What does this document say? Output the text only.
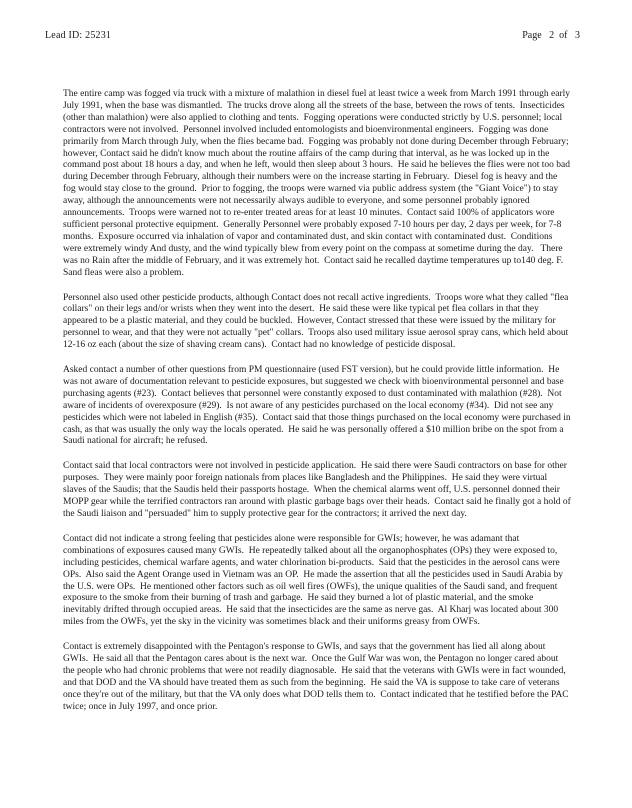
Lead ID: 25231	Page   2  of   3

The entire camp was fogged via truck with a mixture of malathion in diesel fuel at least twice a week from March 1991 through early July 1991, when the base was dismantled.  The trucks drove along all the streets of the base, between the rows of tents.  Insecticides (other than malathion) were also applied to clothing and tents.  Fogging operations were conducted strictly by U.S. personnel; local contractors were not involved.  Personnel involved included entomologists and bioenvironmental engineers.  Fogging was done primarily from March through July, when the flies became bad.  Fogging was probably not done during December through February; however, Contact said he didn't know much about the routine affairs of the camp during that interval, as he was locked up in the command post about 18 hours a day, and when he left, would then sleep about 3 hours.  He said he believes the flies were not too bad during December through February, although their numbers were on the increase starting in February.  Diesel fog is heavy and the fog would stay close to the ground.  Prior to fogging, the troops were warned via public address system (the "Giant Voice") to stay away, although the announcements were not necessarily always audible to everyone, and some personnel probably ignored announcements.  Troops were warned not to re-enter treated areas for at least 10 minutes.  Contact said 100% of applicators wore sufficient personal protective equipment.  Generally Personnel were probably exposed 7-10 hours per day, 2 days per week, for 7-8 months.  Exposure occurred via inhalation of vapor and contaminated dust, and skin contact with contaminated dust.  Conditions were extremely windy And dusty, and the wind typically blew from every point on the compass at sometime during the day.   There was no Rain after the middle of February, and it was extremely hot.  Contact said he recalled daytime temperatures up to140 deg. F.  Sand fleas were also a problem.

Personnel also used other pesticide products, although Contact does not recall active ingredients.  Troops wore what they called "flea collars" on their legs and/or wrists when they went into the desert.  He said these were like typical pet flea collars in that they appeared to be a plastic material, and they could be buckled.  However, Contact stressed that these were issued by the military for personnel to wear, and that they were not actually "pet" collars.  Troops also used military issue aerosol spray cans, which held about 12-16 oz each (about the size of shaving cream cans).  Contact had no knowledge of pesticide disposal.

Asked contact a number of other questions from PM questionnaire (used FST version), but he could provide little information.  He was not aware of documentation relevant to pesticide exposures, but suggested we check with bioenvironmental personnel and base purchasing agents (#23).  Contact believes that personnel were constantly exposed to dust contaminated with malathion (#28).  Not aware of incidents of overexposure (#29).  Is not aware of any pesticides purchased on the local economy (#34).  Did not see any pesticides which were not labeled in English (#35).  Contact said that those things purchased on the local economy were purchased in cash, as that was usually the only way the locals operated.  He said he was personally offered a $10 million bribe on the spot from a Saudi national for aircraft; he refused.

Contact said that local contractors were not involved in pesticide application.  He said there were Saudi contractors on base for other purposes.  They were mainly poor foreign nationals from places like Bangladesh and the Philippines.  He said they were virtual slaves of the Saudis; that the Saudis held their passports hostage.  When the chemical alarms went off, U.S. personnel donned their MOPP gear while the terrified contractors ran around with plastic garbage bags over their heads.  Contact said he finally got a hold of the Saudi liaison and "persuaded" him to supply protective gear for the contractors; it arrived the next day.

Contact did not indicate a strong feeling that pesticides alone were responsible for GWIs; however, he was adamant that combinations of exposures caused many GWIs.  He repeatedly talked about all the organophosphates (OPs) they were exposed to, including pesticides, chemical warfare agents, and water chlorination bi-products.  Said that the pesticides in the aerosol cans were OPs.  Also said the Agent Orange used in Vietnam was an OP.  He made the assertion that all the pesticides used in Saudi Arabia by the U.S. were OPs.  He mentioned other factors such as oil well fires (OWFs), the unique qualities of the Saudi sand, and frequent exposure to the smoke from their burning of trash and garbage.  He said they burned a lot of plastic material, and the smoke inevitably drifted through occupied areas.  He said that the insecticides are the same as nerve gas.  Al Kharj was located about 300 miles from the OWFs, yet the sky in the vicinity was sometimes black and their uniforms greasy from OWFs.

Contact is extremely disappointed with the Pentagon's response to GWIs, and says that the government has lied all along about GWIs.  He said all that the Pentagon cares about is the next war.  Once the Gulf War was won, the Pentagon no longer cared about the people who had chronic problems that were not readily diagnosable.  He said that the veterans with GWIs were in fact wounded, and that DOD and the VA should have treated them as such from the beginning.  He said the VA is suppose to take care of veterans once they're out of the military, but that the VA only does what DOD tells them to.  Contact indicated that he testified before the PAC twice; once in July 1997, and once prior.
